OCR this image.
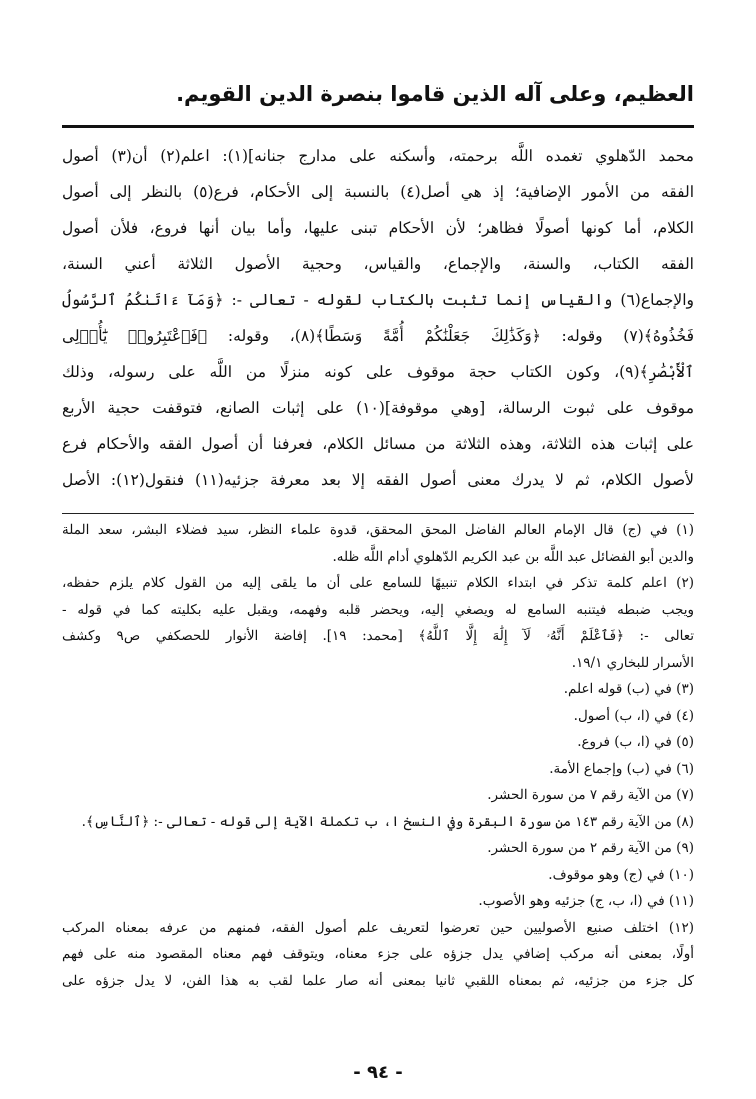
العظيم، وعلى آله الذين قاموا بنصرة الدين القويم.
محمد الدّهلوي تغمده اللَّه برحمته، وأسكنه على مدارج جنانه](١): اعلم(٢) أن(٣) أصول
الفقه من الأمور الإضافية؛ إذ هي أصل(٤) بالنسبة إلى الأحكام، فرع(٥) بالنظر إلى أصول
الكلام، أما كونها أصولًا فظاهر؛ لأن الأحكام تبنى عليها، وأما بيان أنها فروع، فلأن أصول
الفقه الكتاب، والسنة، والإجماع، والقياس، وحجية الأصول الثلاثة أعني السنة،
والإجماع(٦) والقياس إنما تثبت بالكتاب لقوله - تعالى -: ﴿وَمَآ ءَاتَىٰكُمُ ٱلرَّسُولُ
فَخُذُوهُ﴾(٧) وقوله: ﴿وَكَذَٰلِكَ جَعَلْنَٰكُمْ أُمَّةً وَسَطًا﴾(٨)، وقوله: ﴿فَٱعْتَبِرُوا۟ يَٰٓأُو۟لِى
ٱلْأَبْصَٰرِ﴾(٩)، وكون الكتاب حجة موقوف على كونه منزلًا من اللَّه على رسوله، وذلك
موقوف على ثبوت الرسالة، [وهي موقوفة](١٠) على إثبات الصانع، فتوقفت حجية الأربع
على إثبات هذه الثلاثة، وهذه الثلاثة من مسائل الكلام، فعرفنا أن أصول الفقه والأحكام فرع
لأصول الكلام، ثم لا يدرك معنى أصول الفقه إلا بعد معرفة جزئيه(١١) فنقول(١٢): الأصل
(١) في (ج) قال الإمام العالم الفاضل المحق المحقق، قدوة علماء النظر، سيد فضلاء البشر، سعد الملة
والدين أبو الفضائل عبد اللَّه بن عبد الكريم الدّهلوي أدام اللَّه ظله.
(٢) اعلم كلمة تذكر في ابتداء الكلام تنبيهًا للسامع على أن ما يلقى إليه من القول كلام يلزم حفظه،
ويجب ضبطه فيتنبه السامع له ويصغي إليه، ويحضر قلبه وفهمه، ويقبل عليه بكليته كما في قوله -
تعالى -: ﴿فَٱعْلَمْ أَنَّهُۥ لَآ إِلَٰهَ إِلَّا ٱللَّهُ﴾ [محمد: ١٩]. إفاضة الأنوار للحصكفي ص٩ وكشف
الأسرار للبخاري ١٩/١.
(٣) في (ب) قوله اعلم.
(٤) في (ا، ب) أصول.
(٥) في (ا، ب) فروع.
(٦) في (ب) وإجماع الأمة.
(٧) من الآية رقم ٧ من سورة الحشر.
(٨) من الآية رقم ١٤٣ من سورة البقرة وفي النسخ ا، ب تكملة الآية إلى قوله - تعالى -: ﴿ٱلنَّاسِ﴾.
(٩) من الآية رقم ٢ من سورة الحشر.
(١٠) في (ج) وهو موقوف.
(١١) في (ا، ب، ج) جزئيه وهو الأصوب.
(١٢) اختلف صنيع الأصوليين حين تعرضوا لتعريف علم أصول الفقه، فمنهم من عرفه بمعناه المركب
أولًا، بمعنى أنه مركب إضافي يدل جزؤه على جزء معناه، ويتوقف فهم معناه المقصود منه على فهم
كل جزء من جزئيه، ثم بمعناه اللقبي ثانيا بمعنى أنه صار علما لقب به هذا الفن، لا يدل جزؤه على
- ٩٤ -
